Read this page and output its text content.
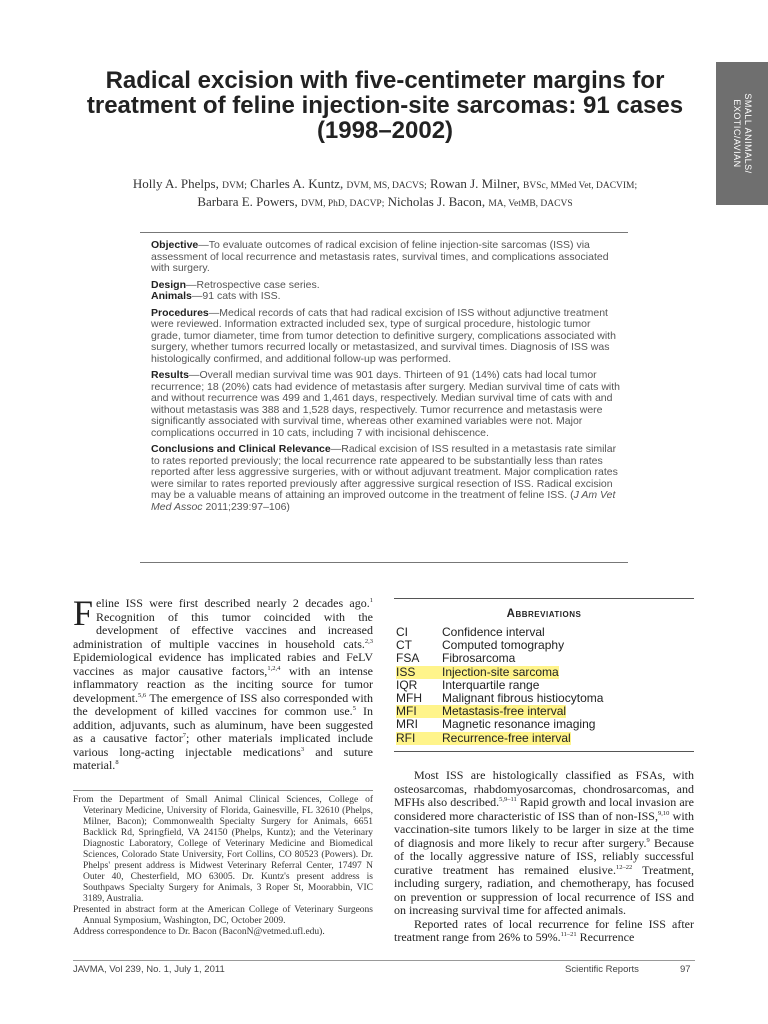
SMALL ANIMALS/
EXOTIC/AVIAN
Radical excision with five-centimeter margins for treatment of feline injection-site sarcomas: 91 cases (1998–2002)
Holly A. Phelps, DVM; Charles A. Kuntz, DVM, MS, DACVS; Rowan J. Milner, BVSc, MMed Vet, DACVIM;
Barbara E. Powers, DVM, PhD, DACVP; Nicholas J. Bacon, MA, VetMB, DACVS

Objective—To evaluate outcomes of radical excision of feline injection-site sarcomas (ISS) via assessment of local recurrence and metastasis rates, survival times, and complications associated with surgery.

Design—Retrospective case series.
Animals—91 cats with ISS.

Procedures—Medical records of cats that had radical excision of ISS without adjunctive treatment were reviewed. Information extracted included sex, type of surgical procedure, histologic tumor grade, tumor diameter, time from tumor detection to definitive surgery, complications associated with surgery, whether tumors recurred locally or metastasized, and survival times. Diagnosis of ISS was histologically confirmed, and additional follow-up was performed.

Results—Overall median survival time was 901 days. Thirteen of 91 (14%) cats had local tumor recurrence; 18 (20%) cats had evidence of metastasis after surgery. Median survival time of cats with and without recurrence was 499 and 1,461 days, respectively. Median survival time of cats with and without metastasis was 388 and 1,528 days, respectively. Tumor recurrence and metastasis were significantly associated with survival time, whereas other examined variables were not. Major complications occurred in 10 cats, including 7 with incisional dehiscence.

Conclusions and Clinical Relevance—Radical excision of ISS resulted in a metastasis rate similar to rates reported previously; the local recurrence rate appeared to be substantially less than rates reported after less aggressive surgeries, with or without adjuvant treatment. Major complication rates were similar to rates reported previously after aggressive surgical resection of ISS. Radical excision may be a valuable means of attaining an improved outcome in the treatment of feline ISS. (J Am Vet Med Assoc 2011;239:97–106)

Feline ISS were first described nearly 2 decades ago.$^1$ Recognition of this tumor coincided with the development of effective vaccines and increased administration of multiple vaccines in household cats.$^{2,3}$ Epidemiological evidence has implicated rabies and FeLV vaccines as major causative factors,$^{1,2,4}$ with an intense inflammatory reaction as the inciting source for tumor development.$^{5,6}$ The emergence of ISS also corresponded with the development of killed vaccines for common use.$^5$ In addition, adjuvants, such as aluminum, have been suggested as a causative factor$^7$; other materials implicated include various long-acting injectable medications$^3$ and suture material.$^8$

From the Department of Small Animal Clinical Sciences, College of Veterinary Medicine, University of Florida, Gainesville, FL 32610 (Phelps, Milner, Bacon); Commonwealth Specialty Surgery for Animals, 6651 Backlick Rd, Springfield, VA 24150 (Phelps, Kuntz); and the Veterinary Diagnostic Laboratory, College of Veterinary Medicine and Biomedical Sciences, Colorado State University, Fort Collins, CO 80523 (Powers). Dr. Phelps' present address is Midwest Veterinary Referral Center, 17497 N Outer 40, Chesterfield, MO 63005. Dr. Kuntz's present address is Southpaws Specialty Surgery for Animals, 3 Roper St, Moorabbin, VIC 3189, Australia.

Presented in abstract form at the American College of Veterinary Surgeons Annual Symposium, Washington, DC, October 2009.

Address correspondence to Dr. Bacon (BaconN@vetmed.ufl.edu).

Abbreviations
CI	Confidence interval
CT	Computed tomography
FSA	Fibrosarcoma
ISS	Injection-site sarcoma
IQR	Interquartile range
MFH	Malignant fibrous histiocytoma
MFI	Metastasis-free interval
MRI	Magnetic resonance imaging
RFI	Recurrence-free interval

Most ISS are histologically classified as FSAs, with osteosarcomas, rhabdomyosarcomas, chondrosarcomas, and MFHs also described.$^{5,9-11}$ Rapid growth and local invasion are considered more characteristic of ISS than of non-ISS,$^{9,10}$ with vaccination-site tumors likely to be larger in size at the time of diagnosis and more likely to recur after surgery.$^9$ Because of the locally aggressive nature of ISS, reliably successful curative treatment has remained elusive.$^{12-22}$ Treatment, including surgery, radiation, and chemotherapy, has focused on prevention or suppression of local recurrence of ISS and on increasing survival time for affected animals.

Reported rates of local recurrence for feline ISS after treatment range from 26% to 59%.$^{11-21}$ Recurrence

JAVMA, Vol 239, No. 1, July 1, 2011	Scientific Reports	97
